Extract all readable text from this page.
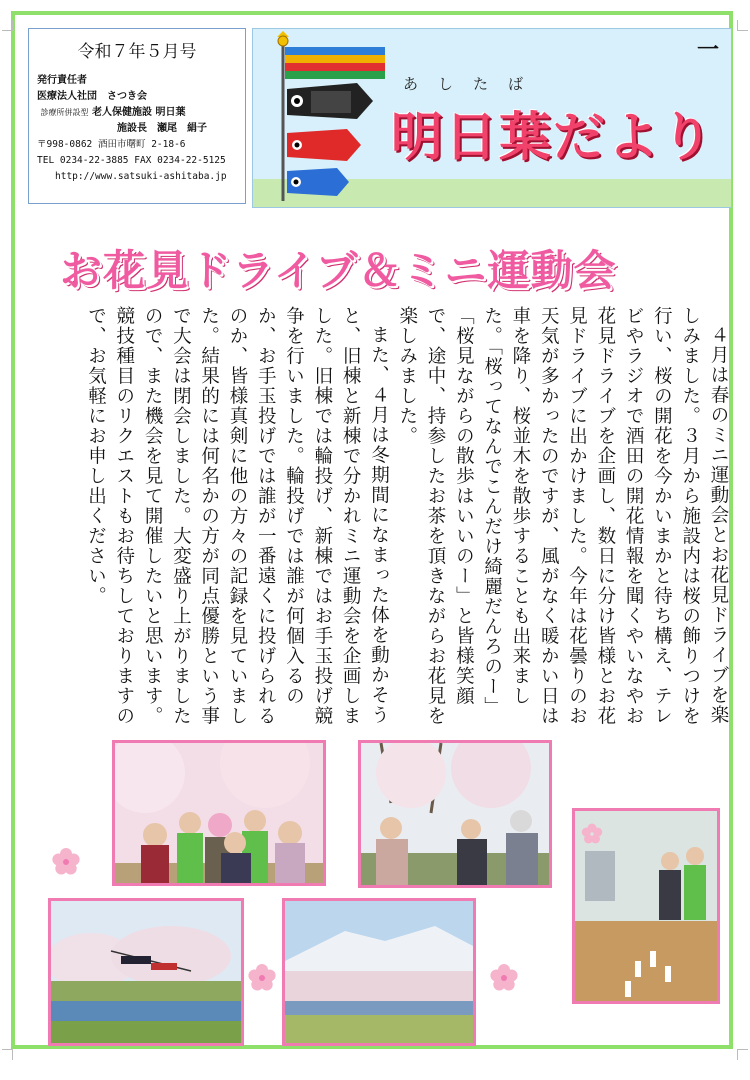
令和７年５月号
発行責任者
医療法人社団　さつき会
診療所併設型 老人保健施設 明日葉
施設長　瀬尾　絹子
〒998-0862 酒田市曙町 2-18-6
TEL 0234-22-3885 FAX 0234-22-5125
http://www.satsuki-ashitaba.jp
一
あしたば
明日葉だより
お花見ドライブ＆ミニ運動会

４月は春のミニ運動会とお花見ドライブを楽しみました。３月から施設内は桜の飾りつけを行い、桜の開花を今かいまかと待ち構え、テレビやラジオで酒田の開花情報を聞くやいなやお花見ドライブを企画し、数日に分け皆様とお花見ドライブに出かけました。今年は花曇りのお天気が多かったのですが、風がなく暖かい日は車を降り、桜並木を散歩することも出来ました。「桜ってなんでこんだけ綺麗だんろのー」「桜見ながらの散歩はいいのー」と皆様笑顔で、途中、持参したお茶を頂きながらお花見を楽しみました。

また、４月は冬期間になまった体を動かそうと、旧棟と新棟で分かれミニ運動会を企画しました。旧棟では輪投げ、新棟ではお手玉投げ競争を行いました。輪投げでは誰が何個入るのか、お手玉投げでは誰が一番遠くに投げられるのか、皆様真剣に他の方々の記録を見ていました。結果的には何名かの方が同点優勝という事で大会は閉会しました。大変盛り上がりましたので、また機会を見て開催したいと思います。競技種目のリクエストもお待ちしておりますので、お気軽にお申し出ください。
